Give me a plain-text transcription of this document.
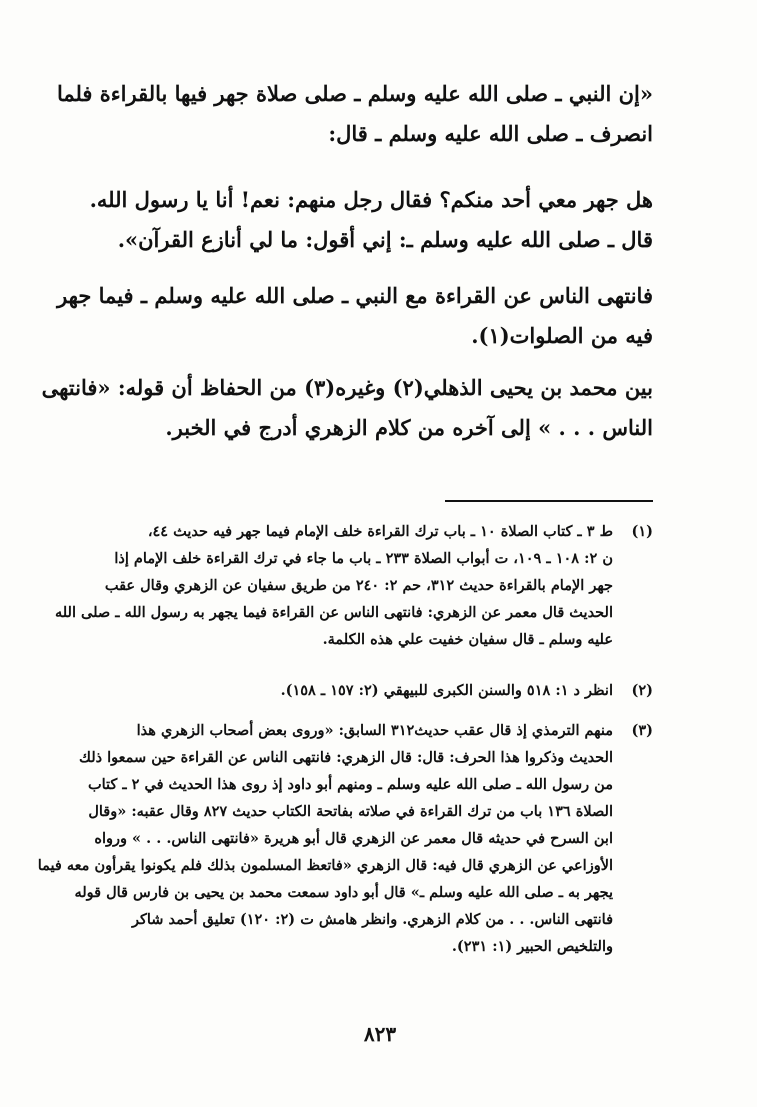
«إن النبي ـ صلى الله عليه وسلم ـ صلى صلاة جهر فيها بالقراءة فلما
انصرف ـ صلى الله عليه وسلم ـ قال:
هل جهر معي أحد منكم؟ فقال رجل منهم: نعم! أنا يا رسول الله.
قال ـ صلى الله عليه وسلم ـ: إني أقول: ما لي أنازع القرآن».
فانتهى الناس عن القراءة مع النبي ـ صلى الله عليه وسلم ـ فيما جهر
فيه من الصلوات(١).
بين محمد بن يحيى الذهلي(٢) وغيره(٣) من الحفاظ أن قوله: «فانتهى
الناس . . . » إلى آخره من كلام الزهري أدرج في الخبر.
(١)
ط ٣ ـ كتاب الصلاة ١٠ ـ باب ترك القراءة خلف الإمام فيما جهر فيه حديث ٤٤،
ن ٢: ١٠٨ ـ ١٠٩، ت أبواب الصلاة ٢٣٣ ـ باب ما جاء في ترك القراءة خلف الإمام إذا
جهر الإمام بالقراءة حديث ٣١٢، حم ٢: ٢٤٠ من طريق سفيان عن الزهري وقال عقب
الحديث قال معمر عن الزهري: فانتهى الناس عن القراءة فيما يجهر به رسول الله ـ صلى الله
عليه وسلم ـ قال سفيان خفيت علي هذه الكلمة.
(٢)
انظر د ١: ٥١٨ والسنن الكبرى للبيهقي (٢: ١٥٧ ـ ١٥٨).
(٣)
منهم الترمذي إذ قال عقب حديث٣١٢ السابق: «وروى بعض أصحاب الزهري هذا
الحديث وذكروا هذا الحرف: قال: قال الزهري: فانتهى الناس عن القراءة حين سمعوا ذلك
من رسول الله ـ صلى الله عليه وسلم ـ ومنهم أبو داود إذ روى هذا الحديث في ٢ ـ كتاب
الصلاة ١٣٦ باب من ترك القراءة في صلاته بفاتحة الكتاب حديث ٨٢٧ وقال عقبه: «وقال
ابن السرح في حديثه قال معمر عن الزهري قال أبو هريرة «فانتهى الناس. . . » ورواه
الأوزاعي عن الزهري قال فيه: قال الزهري «فاتعظ المسلمون بذلك فلم يكونوا يقرأون معه فيما
يجهر به ـ صلى الله عليه وسلم ـ» قال أبو داود سمعت محمد بن يحيى بن فارس قال قوله
فانتهى الناس. . . من كلام الزهري. وانظر هامش ت (٢: ١٢٠) تعليق أحمد شاكر
والتلخيص الحبير (١: ٢٣١).
٨٢٣
